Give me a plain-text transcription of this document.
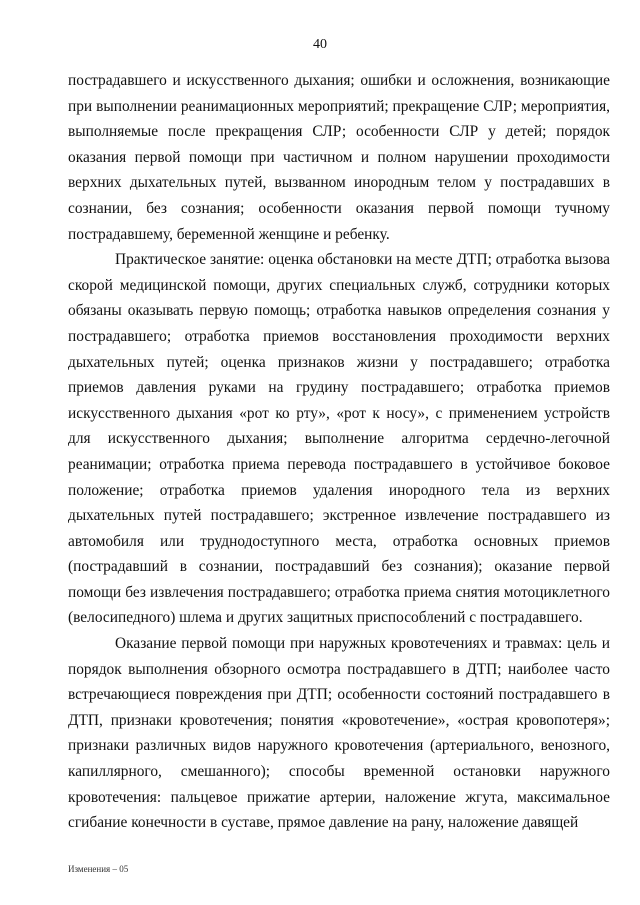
40

пострадавшего и искусственного дыхания; ошибки и осложнения, возникающие при выполнении реанимационных мероприятий; прекращение СЛР; мероприятия, выполняемые после прекращения СЛР; особенности СЛР у детей; порядок оказания первой помощи при частичном и полном нарушении проходимости верхних дыхательных путей, вызванном инородным телом у пострадавших в сознании, без сознания; особенности оказания первой помощи тучному пострадавшему, беременной женщине и ребенку.

Практическое занятие: оценка обстановки на месте ДТП; отработка вызова скорой медицинской помощи, других специальных служб, сотрудники которых обязаны оказывать первую помощь; отработка навыков определения сознания у пострадавшего; отработка приемов восстановления проходимости верхних дыхательных путей; оценка признаков жизни у пострадавшего; отработка приемов давления руками на грудину пострадавшего; отработка приемов искусственного дыхания «рот ко рту», «рот к носу», с применением устройств для искусственного дыхания; выполнение алгоритма сердечно-легочной реанимации; отработка приема перевода пострадавшего в устойчивое боковое положение; отработка приемов удаления инородного тела из верхних дыхательных путей пострадавшего; экстренное извлечение пострадавшего из автомобиля или труднодоступного места, отработка основных приемов (пострадавший в сознании, пострадавший без сознания); оказание первой помощи без извлечения пострадавшего; отработка приема снятия мотоциклетного (велосипедного) шлема и других защитных приспособлений с пострадавшего.

Оказание первой помощи при наружных кровотечениях и травмах: цель и порядок выполнения обзорного осмотра пострадавшего в ДТП; наиболее часто встречающиеся повреждения при ДТП; особенности состояний пострадавшего в ДТП, признаки кровотечения; понятия «кровотечение», «острая кровопотеря»; признаки различных видов наружного кровотечения (артериального, венозного, капиллярного, смешанного); способы временной остановки наружного кровотечения: пальцевое прижатие артерии, наложение жгута, максимальное сгибание конечности в суставе, прямое давление на рану, наложение давящей

Изменения – 05
